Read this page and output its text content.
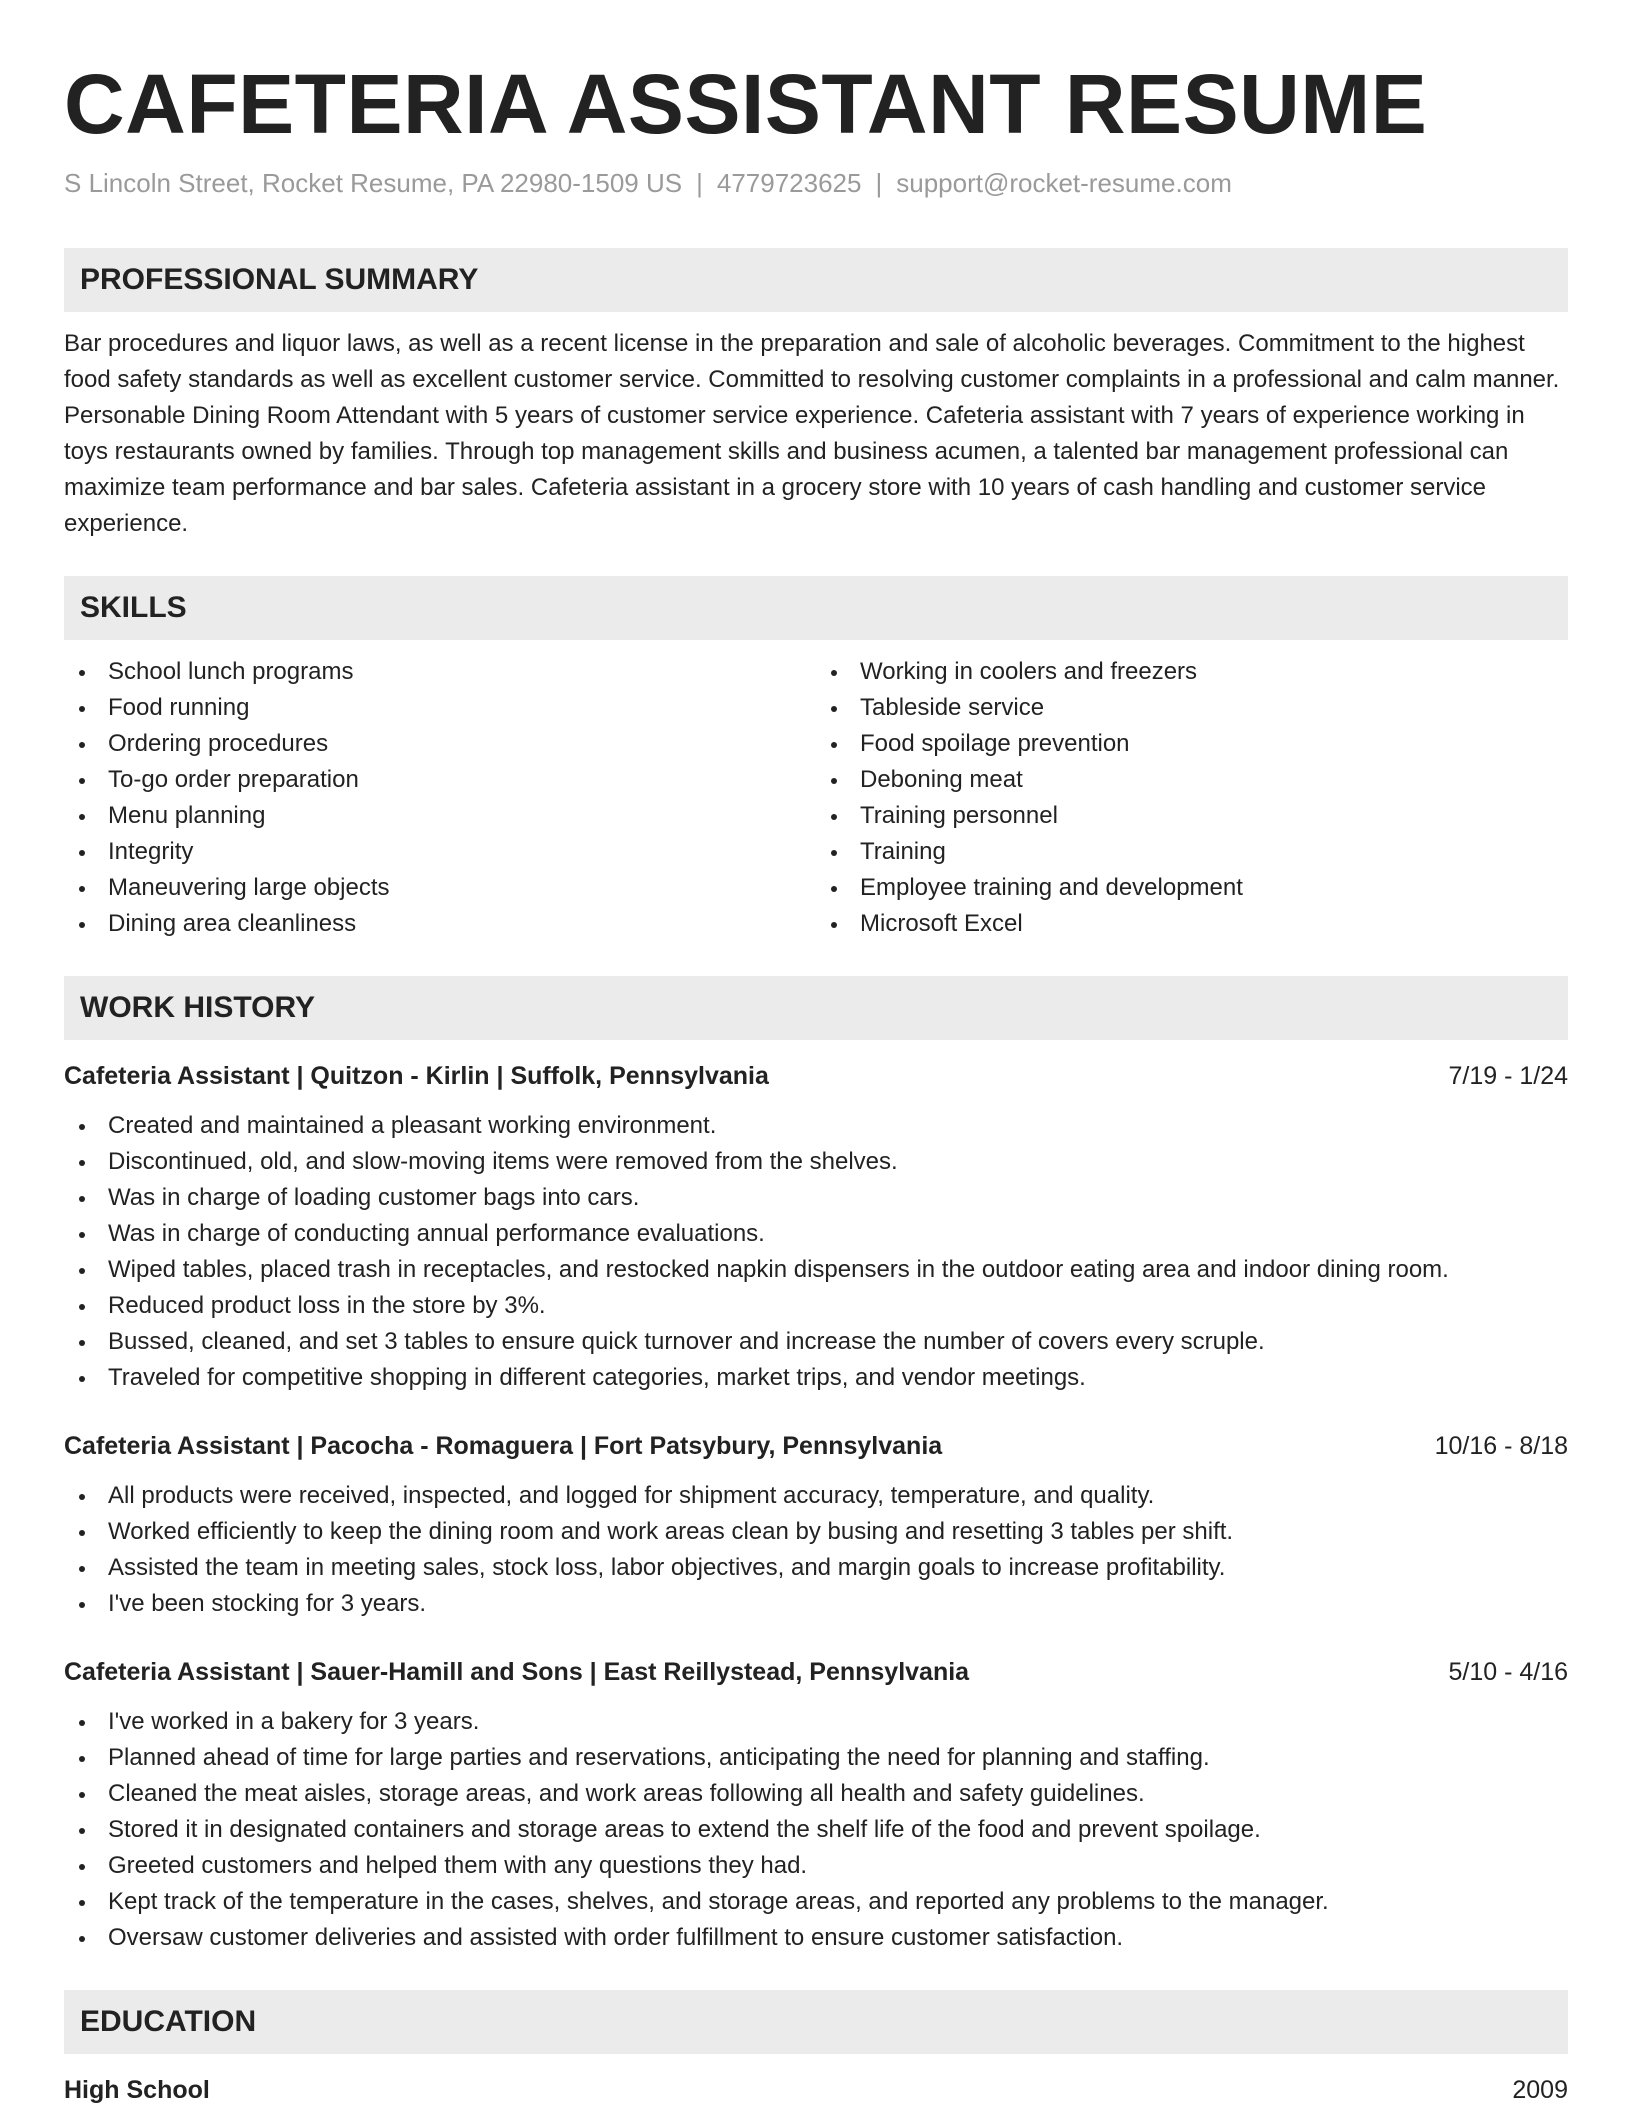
CAFETERIA ASSISTANT RESUME
S Lincoln Street, Rocket Resume, PA 22980-1509 US | 4779723625 | support@rocket-resume.com
PROFESSIONAL SUMMARY

Bar procedures and liquor laws, as well as a recent license in the preparation and sale of alcoholic beverages. Commitment to the highest food safety standards as well as excellent customer service. Committed to resolving customer complaints in a professional and calm manner. Personable Dining Room Attendant with 5 years of customer service experience. Cafeteria assistant with 7 years of experience working in toys restaurants owned by families. Through top management skills and business acumen, a talented bar management professional can maximize team performance and bar sales. Cafeteria assistant in a grocery store with 10 years of cash handling and customer service experience.

SKILLS
School lunch programs
Food running
Ordering procedures
To-go order preparation
Menu planning
Integrity
Maneuvering large objects
Dining area cleanliness
Working in coolers and freezers
Tableside service
Food spoilage prevention
Deboning meat
Training personnel
Training
Employee training and development
Microsoft Excel
WORK HISTORY
Cafeteria Assistant | Quitzon - Kirlin | Suffolk, Pennsylvania	7/19 - 1/24
Created and maintained a pleasant working environment.
Discontinued, old, and slow-moving items were removed from the shelves.
Was in charge of loading customer bags into cars.
Was in charge of conducting annual performance evaluations.
Wiped tables, placed trash in receptacles, and restocked napkin dispensers in the outdoor eating area and indoor dining room.
Reduced product loss in the store by 3%.
Bussed, cleaned, and set 3 tables to ensure quick turnover and increase the number of covers every scruple.
Traveled for competitive shopping in different categories, market trips, and vendor meetings.
Cafeteria Assistant | Pacocha - Romaguera | Fort Patsybury, Pennsylvania	10/16 - 8/18
All products were received, inspected, and logged for shipment accuracy, temperature, and quality.
Worked efficiently to keep the dining room and work areas clean by busing and resetting 3 tables per shift.
Assisted the team in meeting sales, stock loss, labor objectives, and margin goals to increase profitability.
I've been stocking for 3 years.
Cafeteria Assistant | Sauer-Hamill and Sons | East Reillystead, Pennsylvania	5/10 - 4/16
I've worked in a bakery for 3 years.
Planned ahead of time for large parties and reservations, anticipating the need for planning and staffing.
Cleaned the meat aisles, storage areas, and work areas following all health and safety guidelines.
Stored it in designated containers and storage areas to extend the shelf life of the food and prevent spoilage.
Greeted customers and helped them with any questions they had.
Kept track of the temperature in the cases, shelves, and storage areas, and reported any problems to the manager.
Oversaw customer deliveries and assisted with order fulfillment to ensure customer satisfaction.
EDUCATION
High School	2009
